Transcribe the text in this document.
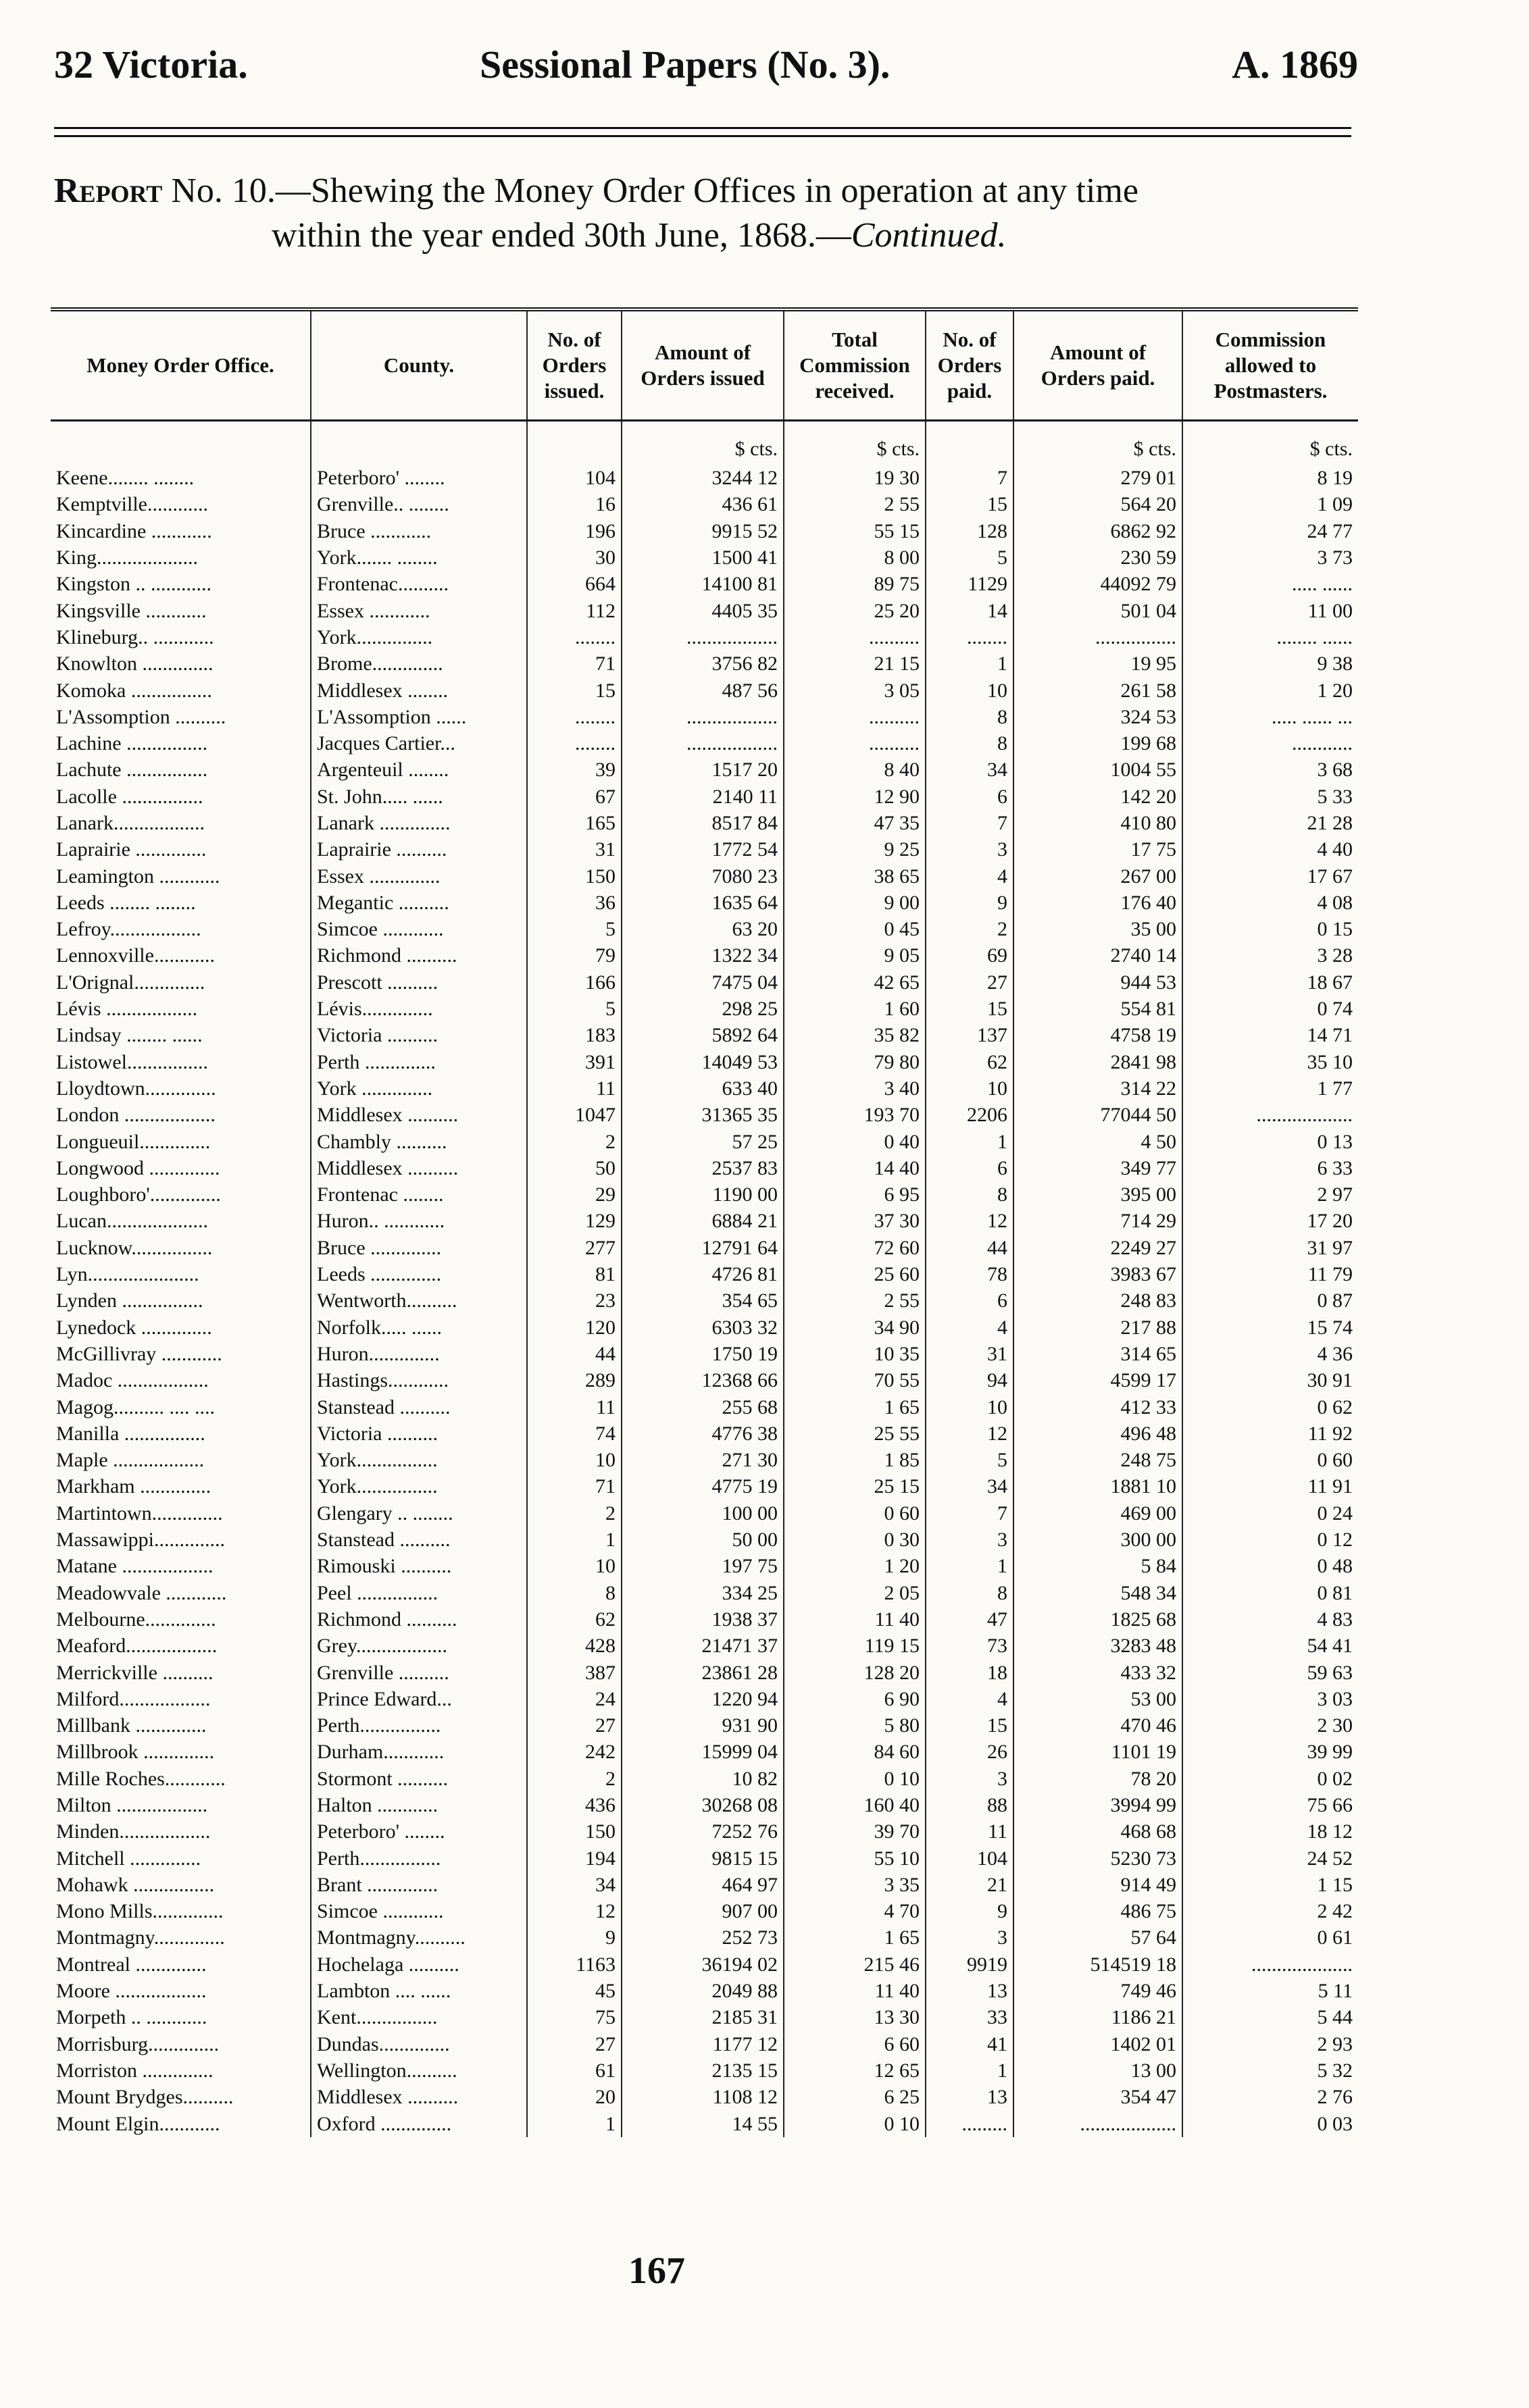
32 Victoria.	Sessional Papers (No. 3).	A. 1869
Report No. 10.—Shewing the Money Order Offices in operation at any time
within the year ended 30th June, 1868.—Continued.
Money Order Office.	County.	No. of Orders issued.	Amount of Orders issued	Total Commission received.	No. of Orders paid.	Amount of Orders paid.	Commission allowed to Postmasters.
			$ cts.	$ cts.		$ cts.	$ cts.
Keene........ ........	Peterboro' ........	104	3244 12	19 30	7	279 01	8 19
Kemptville............	Grenville.. ........	16	436 61	2 55	15	564 20	1 09
Kincardine ............	Bruce ............	196	9915 52	55 15	128	6862 92	24 77
King....................	York....... ........	30	1500 41	8 00	5	230 59	3 73
Kingston .. ............	Frontenac..........	664	14100 81	89 75	1129	44092 79	..... ......
Kingsville ............	Essex ............	112	4405 35	25 20	14	501 04	11 00
Klineburg.. ............	York...............	........	..................	..........	........	................	........ ......
Knowlton ..............	Brome..............	71	3756 82	21 15	1	19 95	9 38
Komoka ................	Middlesex ........	15	487 56	3 05	10	261 58	1 20
L'Assomption ..........	L'Assomption ......	........	..................	..........	8	324 53	..... ...... ...
Lachine ................	Jacques Cartier...	........	..................	..........	8	199 68	............
Lachute ................	Argenteuil ........	39	1517 20	8 40	34	1004 55	3 68
Lacolle ................	St. John..... ......	67	2140 11	12 90	6	142 20	5 33
Lanark..................	Lanark ..............	165	8517 84	47 35	7	410 80	21 28
Laprairie ..............	Laprairie ..........	31	1772 54	9 25	3	17 75	4 40
Leamington ............	Essex ..............	150	7080 23	38 65	4	267 00	17 67
Leeds ........ ........	Megantic ..........	36	1635 64	9 00	9	176 40	4 08
Lefroy..................	Simcoe ............	5	63 20	0 45	2	35 00	0 15
Lennoxville............	Richmond ..........	79	1322 34	9 05	69	2740 14	3 28
L'Orignal..............	Prescott ..........	166	7475 04	42 65	27	944 53	18 67
Lévis ..................	Lévis..............	5	298 25	1 60	15	554 81	0 74
Lindsay ........ ......	Victoria ..........	183	5892 64	35 82	137	4758 19	14 71
Listowel................	Perth ..............	391	14049 53	79 80	62	2841 98	35 10
Lloydtown..............	York ..............	11	633 40	3 40	10	314 22	1 77
London ..................	Middlesex ..........	1047	31365 35	193 70	2206	77044 50	...................
Longueuil..............	Chambly ..........	2	57 25	0 40	1	4 50	0 13
Longwood ..............	Middlesex ..........	50	2537 83	14 40	6	349 77	6 33
Loughboro'..............	Frontenac ........	29	1190 00	6 95	8	395 00	2 97
Lucan....................	Huron.. ............	129	6884 21	37 30	12	714 29	17 20
Lucknow................	Bruce ..............	277	12791 64	72 60	44	2249 27	31 97
Lyn......................	Leeds ..............	81	4726 81	25 60	78	3983 67	11 79
Lynden ................	Wentworth..........	23	354 65	2 55	6	248 83	0 87
Lynedock ..............	Norfolk..... ......	120	6303 32	34 90	4	217 88	15 74
McGillivray ............	Huron..............	44	1750 19	10 35	31	314 65	4 36
Madoc ..................	Hastings............	289	12368 66	70 55	94	4599 17	30 91
Magog.......... .... ....	Stanstead ..........	11	255 68	1 65	10	412 33	0 62
Manilla ................	Victoria ..........	74	4776 38	25 55	12	496 48	11 92
Maple ..................	York................	10	271 30	1 85	5	248 75	0 60
Markham ..............	York................	71	4775 19	25 15	34	1881 10	11 91
Martintown..............	Glengary .. ........	2	100 00	0 60	7	469 00	0 24
Massawippi..............	Stanstead ..........	1	50 00	0 30	3	300 00	0 12
Matane ..................	Rimouski ..........	10	197 75	1 20	1	5 84	0 48
Meadowvale ............	Peel ................	8	334 25	2 05	8	548 34	0 81
Melbourne..............	Richmond ..........	62	1938 37	11 40	47	1825 68	4 83
Meaford..................	Grey..................	428	21471 37	119 15	73	3283 48	54 41
Merrickville ..........	Grenville ..........	387	23861 28	128 20	18	433 32	59 63
Milford..................	Prince Edward...	24	1220 94	6 90	4	53 00	3 03
Millbank ..............	Perth................	27	931 90	5 80	15	470 46	2 30
Millbrook ..............	Durham............	242	15999 04	84 60	26	1101 19	39 99
Mille Roches............	Stormont ..........	2	10 82	0 10	3	78 20	0 02
Milton ..................	Halton ............	436	30268 08	160 40	88	3994 99	75 66
Minden..................	Peterboro' ........	150	7252 76	39 70	11	468 68	18 12
Mitchell ..............	Perth................	194	9815 15	55 10	104	5230 73	24 52
Mohawk ................	Brant ..............	34	464 97	3 35	21	914 49	1 15
Mono Mills..............	Simcoe ............	12	907 00	4 70	9	486 75	2 42
Montmagny..............	Montmagny..........	9	252 73	1 65	3	57 64	0 61
Montreal ..............	Hochelaga ..........	1163	36194 02	215 46	9919	514519 18	....................
Moore ..................	Lambton .... ......	45	2049 88	11 40	13	749 46	5 11
Morpeth .. ............	Kent................	75	2185 31	13 30	33	1186 21	5 44
Morrisburg..............	Dundas..............	27	1177 12	6 60	41	1402 01	2 93
Morriston ..............	Wellington..........	61	2135 15	12 65	1	13 00	5 32
Mount Brydges..........	Middlesex ..........	20	1108 12	6 25	13	354 47	2 76
Mount Elgin............	Oxford ..............	1	14 55	0 10	.........	...................	0 03
167
